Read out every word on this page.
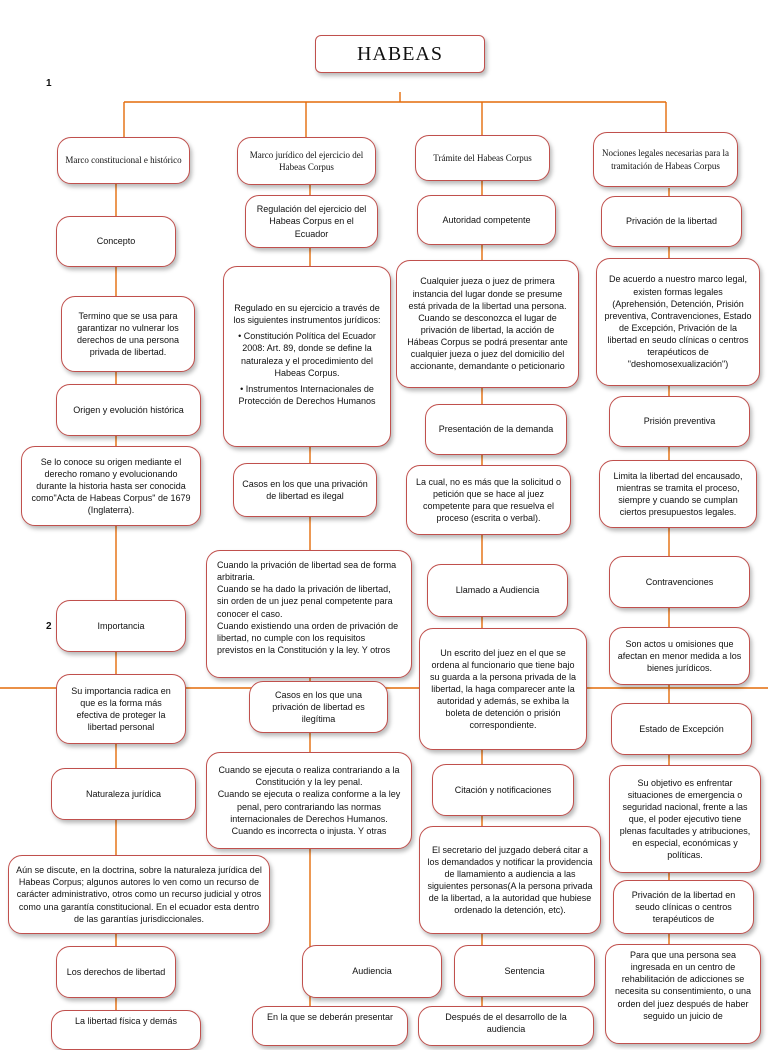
1
2
HABEAS
Marco constitucional e histórico
Marco jurídico del ejercicio del Habeas Corpus
Trámite del Habeas Corpus	Nociones legales necesarias para la tramitación de Habeas Corpus
Concepto
Termino que se usa para garantizar no vulnerar los derechos de una persona privada de libertad.
Origen y evolución histórica
Se lo conoce su origen mediante el derecho romano y evolucionando durante la historia hasta ser conocida como"Acta de Habeas Corpus" de 1679 (Inglaterra).
Importancia
Su importancia radica en que es la forma más efectiva de proteger la libertad personal
Naturaleza jurídica
Aún se discute, en la doctrina, sobre la naturaleza jurídica del Habeas Corpus; algunos autores lo ven como un recurso de carácter administrativo, otros como un recurso judicial y otros como una garantía constitucional. En el ecuador esta dentro de las garantías jurisdiccionales.
Los derechos de libertad
La libertad física y demás
Regulación del ejercicio del Habeas Corpus en el Ecuador

Regulado en su ejercicio a través de los siguientes instrumentos jurídicos:

• Constitución Política del Ecuador 2008: Art. 89, donde se define la naturaleza y el procedimiento del Habeas Corpus.

• Instrumentos Internacionales de Protección de Derechos Humanos

Casos en los que una privación de libertad es ilegal
Cuando la privación de libertad sea de forma arbitraria.
Cuando se ha dado la privación de libertad, sin orden de un juez penal competente para conocer el caso.
Cuando existiendo una orden de privación de libertad, no cumple con los requisitos previstos en la Constitución y la ley. Y otros
Casos en los que una privación de libertad es ilegítima
Cuando se ejecuta o realiza contrariando a la Constitución y la ley penal.
Cuando se ejecuta o realiza conforme a la ley penal, pero contrariando las normas internacionales de Derechos Humanos.
Cuando es incorrecta o injusta. Y otras
En la que se deberán presentar
Autoridad competente
Cualquier jueza o juez de primera instancia del lugar donde se presume está privada de la libertad una persona. Cuando se desconozca el lugar de privación de libertad, la acción de Hábeas Corpus se podrá presentar ante cualquier jueza o juez del domicilio del accionante, demandante o peticionario
Presentación de la demanda
La cual, no es más que la solicitud o petición que se hace al juez competente para que resuelva el proceso (escrita o verbal).
Llamado a Audiencia
Un escrito del juez en el que se ordena al funcionario que tiene bajo su guarda a la persona privada de la libertad, la haga comparecer ante la autoridad y además, se exhiba la boleta de detención o prisión correspondiente.
Citación y notificaciones
El secretario del juzgado deberá citar a los demandados y notificar la providencia de llamamiento a audiencia a las siguientes personas(A la persona privada de la libertad, a la autoridad que hubiese ordenado la detención, etc).
Audiencia	Sentencia
Después de el desarrollo de la audiencia
Privación de la libertad
De acuerdo a nuestro marco legal, existen formas legales (Aprehensión, Detención, Prisión preventiva, Contravenciones, Estado de Excepción, Privación de la libertad en seudo clínicas o centros terapéuticos de "deshomosexualización")
Prisión preventiva
Limita la libertad del encausado, mientras se tramita el proceso, siempre y cuando se cumplan ciertos presupuestos legales.
Contravenciones
Son actos u omisiones que afectan en menor medida a los bienes jurídicos.
Estado de Excepción
Su objetivo es enfrentar situaciones de emergencia o seguridad nacional, frente a las que, el poder ejecutivo tiene plenas facultades y atribuciones, en especial, económicas y políticas.
Privación de la libertad en seudo clínicas o centros terapéuticos de
Para que una persona sea ingresada en un centro de rehabilitación de adicciones se necesita su consentimiento, o una orden del juez después de haber seguido un juicio de
